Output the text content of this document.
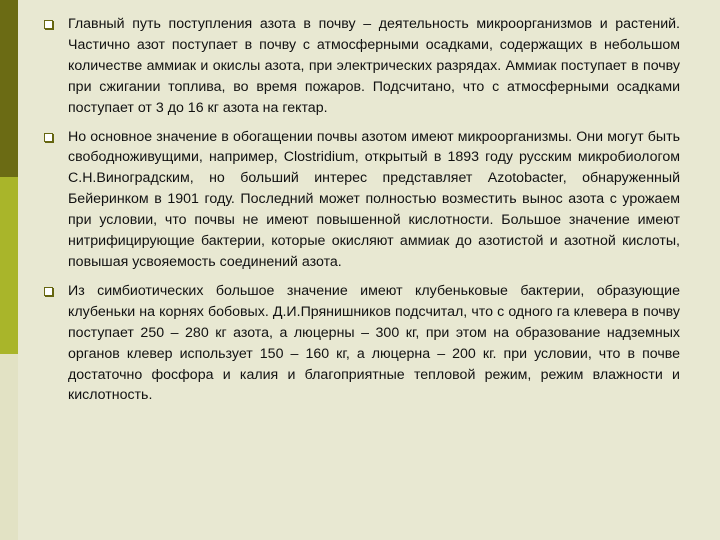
Главный путь поступления азота в почву – деятельность микроорганизмов и растений. Частично азот поступает в почву с атмосферными осадками, содержащих в небольшом количестве аммиак и окислы азота, при электрических разрядах. Аммиак поступает в почву при сжигании топлива, во время пожаров. Подсчитано, что с атмосферными осадками поступает от 3 до 16 кг азота на гектар.
Но основное значение в обогащении почвы азотом имеют микроорганизмы. Они могут быть свободноживущими, например, Clostridium, открытый в 1893 году русским микробиологом С.Н.Виноградским, но больший интерес представляет Azotobacter, обнаруженный Бейеринком в 1901 году. Последний может полностью возместить вынос азота с урожаем при условии, что почвы не имеют повышенной кислотности. Большое значение имеют нитрифицирующие бактерии, которые окисляют аммиак до азотистой и азотной кислоты, повышая усвояемость соединений азота.
Из симбиотических большое значение имеют клубеньковые бактерии, образующие клубеньки на корнях бобовых. Д.И.Прянишников подсчитал, что с одного га клевера в почву поступает 250 – 280 кг азота, а люцерны – 300 кг, при этом на образование надземных органов клевер использует 150 – 160 кг, а люцерна – 200 кг. при условии, что в почве достаточно фосфора и калия и благоприятные тепловой режим, режим влажности и кислотность.
